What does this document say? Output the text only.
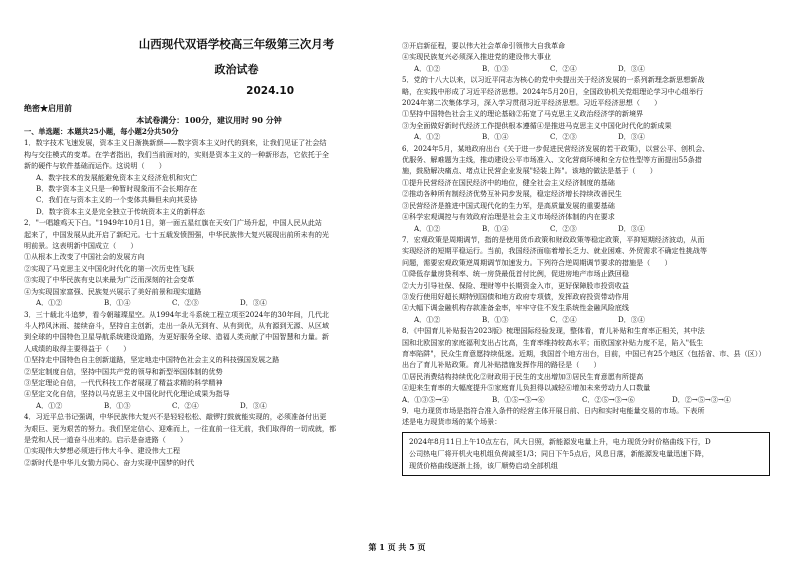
山西现代双语学校高三年级第三次月考
政治试卷
2024.10
绝密★启用前
本试卷满分：100分，建议用时 90 分钟
一、单选题：本题共25小题，每小题2分共50分
1．数字技术飞速发展，资本主义日渐换新颜——数字资本主义时代的到来，让我们见证了社会结
构与交往模式的变革。在学者指出，我们当前面对的，实则是资本主义的一种新形态，它依托于全
新的硬件与软件基础而运作。这说明（　　）
A．数字技术的发展能避免资本主义经济危机和灾亡
B．数字资本主义只是一种暂时现象而不会长期存在
C．我们在与资本主义的一个变体共舞但未向其妥协
D．数字资本主义是完全独立于传统资本主义的新样态
2．"一唱雄鸡天下白。"1949年10月1日，第一面五星红旗在天安门广场升起，中国人民从此站
起来了，中国发展从此开启了新纪元。七十五载发愤图强，中华民族伟大复兴展现出前所未有的光
明前景。这表明新中国成立（　　）
①从根本上改变了中国社会的发展方向
②实现了马克思主义中国化时代化的第一次历史性飞跃
③实现了中华民族有史以来最为广泛而深刻的社会变革
④为实现国家富强、民族复兴展示了美好前景和现实道路
A．①②	B．①④	C．②③	D．③④
3．三十载北斗追梦，看今朝璀璨星空。从1994年北斗系统工程立项至2024年的30年间，几代北
斗人栉风沐雨、接续奋斗，坚持自主创新，走出一条从无到有、从有到优，从有源到无源、从区域
到全球的中国特色卫星导航系统建设道路，为更好服务全球、造福人类贡献了中国智慧和力量。新
人成绩的取得主要得益于（　　）
①坚持走中国特色自主创新道路，坚定地走中国特色社会主义的科技强国发展之路
②坚定制度自信，坚持中国共产党的领导和新型举国体制的优势
③坚定理论自信，一代代科技工作者展现了精益求精的科学精神
④坚定文化自信，坚持以马克思主义中国化时代化理论成果为指导
A．①②	B．①③	C．②④	D．③④
4．习近平总书记强调，中华民族伟大复兴不是轻轻松松、敲锣打鼓就能实现的，必须准备付出更
为艰巨、更为艰苦的努力。我们坚定信心、迎难而上，一往直前一往无前，我们取得的一切成就，都
是党和人民一道奋斗出来的。启示是奋进路（　　）
①实现伟大梦想必须进行伟大斗争、建设伟大工程
②新时代是中华儿女勠力同心、奋力实现中国梦的时代
③开启新征程，要以伟大社会革命引领伟大自我革命
④实现民族复兴必须深入推进党的建设伟大事业
A．①②	B．①③	C．②④	D．③④
5．党的十八大以来，以习近平同志为核心的党中央提出关于经济发展的一系列新理念新思想新战
略，在实践中形成了习近平经济思想。2024年5月20日，全国政协机关党组理论学习中心组举行
2024年第二次集体学习，深入学习贯彻习近平经济思想。习近平经济思想（　　）
①坚持中国特色社会主义的理论基础②拓宽了马克思主义政治经济学的新境界
③为全面做好新时代经济工作提供根本遵循④是推进马克思主义中国化时代化的新成果
A．①②	B．①④	C．②③	D．③④
6．2024年5月，某地政府出台《关于进一步促进民营经济发展的若干政策》，以营公平、创机会、
优服务、解难题为主线，推动建设公平市场准入、文化营商环境和全方位性型等方面提出55条措
施，鼓励解决痛点、堵点让民营企业发展"轻装上阵"。该地的做法是基于（　　）
①提升民营经济在国民经济中的地位，健全社会主义经济制度的基础
②推动各种所有制经济优势互补同步发展，稳定经济增长持续改善民生
③民营经济是推进中国式现代化的生力军，是高质量发展的重要基础
④科学宏观调控与有效政府治理是社会主义市场经济体制的内在要求
A．①②	B．①④	C．②③	D．③④
7．宏观政策是周期调节，指的是使用货币政策和财政政策等稳定政策，平抑短期经济波动，从而
实现经济的短期平稳运行。当前，我国经济面临着增长乏力、就业困难、外贸需求不确定性挑战等
问题，需要宏观政策逆周期调节加速发力。下列符合逆周期调节要求的措施是（　　）
①降低存量房贷利率、统一房贷最低首付比例，促进房地产市场止跌回稳
②大力引导社保、保险、理财等中长期资金入市，更好保障股市投资收益
③发行使用好超长期特别国债和地方政府专项债，发挥政府投资带动作用
④大幅下调金融机构存款准备金率，牢牢守住不发生系统性金融风险底线
A．①②	B．①③	C．②④	D．③④
8．《中国育儿补贴报告2023版》梳理国际经验发现，整体看，育儿补贴和生育率正相关，其中法
国和北欧国家的家庭福利支出占比高，生育率维持较高水平；而欧国家补贴力度不足，陷入"低生
育率陷阱"，民众生育意愿持续低迷。近期，我国首个地方出台，目前，中国已有25个地区（包括省、市、县（区））
出台了育儿补贴政策。育儿补贴措施发挥作用的路径是（　　）
①居民消费结构持续优化②财政用于民生的支出增加③居民生育意愿有所提高
④迎来生育率的大幅度提升⑤家庭育儿负担得以减轻⑥增加未来劳动力人口数量
A．①③⑤→④	B．①⑤→③→⑥	C．②⑤→③→⑥	D．②→⑤→③→④
9．电力现货市场是指符合准入条件的经营主体开展日前、日内和实时电能量交易的市场。下表所
述是电力现货市场的某个场景：
2024年8月11日上午10点左右，风大日照，新能源发电量上升，电力现货分时价格曲线下行，D
公司热电厂将开机火电机组负荷减至1/3；同日下午5点后，风息日落，新能源发电量迅速下降，
现货价格曲线逐渐上扬，该厂顺势启动全部机组
第 1 页 共 5 页
